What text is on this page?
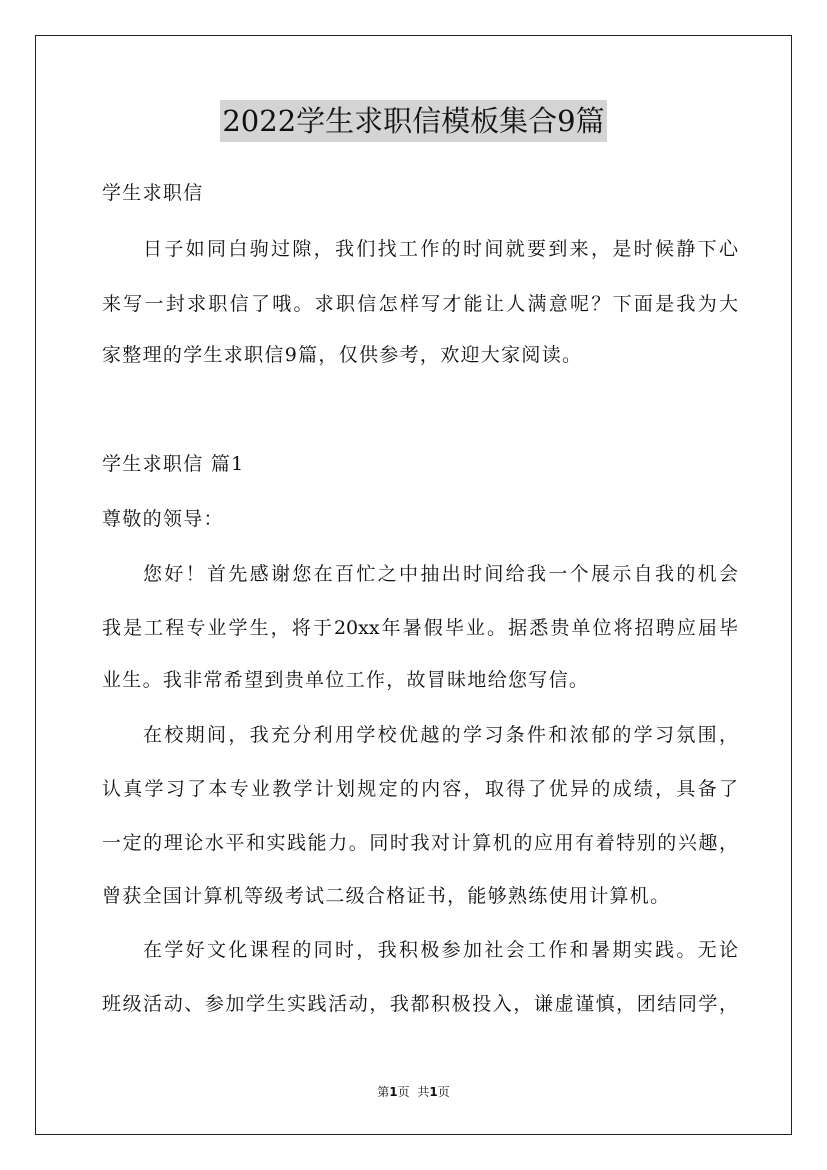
2022学生求职信模板集合9篇
学生求职信
日子如同白驹过隙，我们找工作的时间就要到来，是时候静下心
来写一封求职信了哦。求职信怎样写才能让人满意呢？下面是我为大
家整理的学生求职信9篇，仅供参考，欢迎大家阅读。
学生求职信 篇1
尊敬的领导：
您好！首先感谢您在百忙之中抽出时间给我一个展示自我的机会
我是工程专业学生，将于20xx年暑假毕业。据悉贵单位将招聘应届毕
业生。我非常希望到贵单位工作，故冒昧地给您写信。
在校期间，我充分利用学校优越的学习条件和浓郁的学习氛围，
认真学习了本专业教学计划规定的内容，取得了优异的成绩，具备了
一定的理论水平和实践能力。同时我对计算机的应用有着特别的兴趣，
曾获全国计算机等级考试二级合格证书，能够熟练使用计算机。
在学好文化课程的同时，我积极参加社会工作和暑期实践。无论
班级活动、参加学生实践活动，我都积极投入，谦虚谨慎，团结同学，
第1页 共1页
